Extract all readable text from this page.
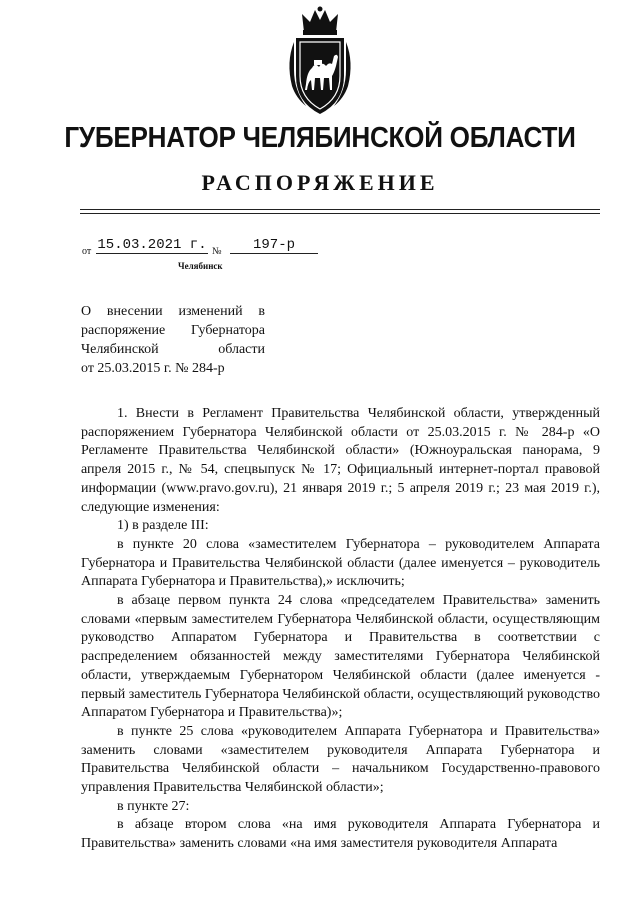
ГУБЕРНАТОР ЧЕЛЯБИНСКОЙ ОБЛАСТИ
РАСПОРЯЖЕНИЕ
от 15.03.2021 г. №	197-р
Челябинск
О внесении изменений в
распоряжение Губернатора
Челябинской области
от 25.03.2015 г. № 284-р

1. Внести в Регламент Правительства Челябинской области, утвержденный распоряжением Губернатора Челябинской области от 25.03.2015 г. № 284-р «О Регламенте Правительства Челябинской области» (Южноуральская панорама, 9 апреля 2015 г., № 54, спецвыпуск № 17; Официальный интернет-портал правовой информации (www.pravo.gov.ru), 21 января 2019 г.; 5 апреля 2019 г.; 23 мая 2019 г.), следующие изменения:

1) в разделе III:

в пункте 20 слова «заместителем Губернатора – руководителем Аппарата Губернатора и Правительства Челябинской области (далее именуется – руководитель Аппарата Губернатора и Правительства),» исключить;

в абзаце первом пункта 24 слова «председателем Правительства» заменить словами «первым заместителем Губернатора Челябинской области, осуществляющим руководство Аппаратом Губернатора и Правительства в соответствии с распределением обязанностей между заместителями Губернатора Челябинской области, утверждаемым Губернатором Челябинской области (далее именуется - первый заместитель Губернатора Челябинской области, осуществляющий руководство Аппаратом Губернатора и Правительства)»;

в пункте 25 слова «руководителем Аппарата Губернатора и Правительства» заменить словами «заместителем руководителя Аппарата Губернатора и Правительства Челябинской области – начальником Государственно-правового управления Правительства Челябинской области»;

в пункте 27:

в абзаце втором слова «на имя руководителя Аппарата Губернатора и Правительства» заменить словами «на имя заместителя руководителя Аппарата
